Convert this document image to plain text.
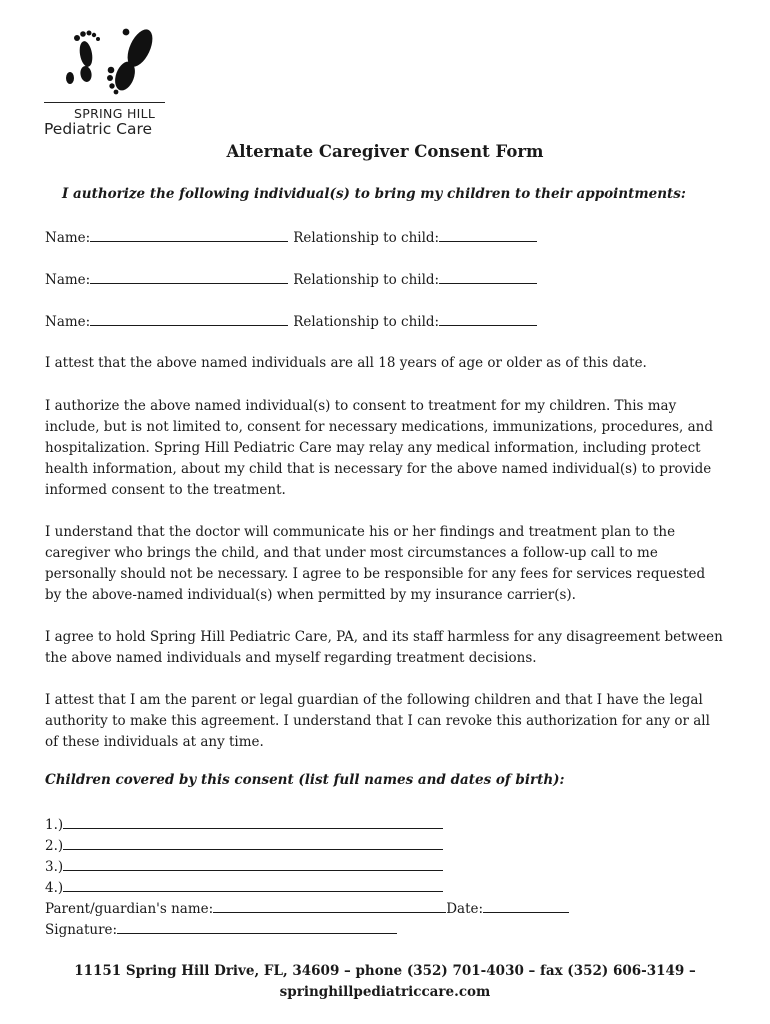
SPRING HILL
Pediatric Care
Alternate Caregiver Consent Form
I authorize the following individual(s) to bring my children to their appointments:
Name:	Relationship to child:
Name:	Relationship to child:
Name:	Relationship to child:

I attest that the above named individuals are all 18 years of age or older as of this date.

I authorize the above named individual(s) to consent to treatment for my children. This may include, but is not limited to, consent for necessary medications, immunizations, procedures, and hospitalization. Spring Hill Pediatric Care may relay any medical information, including protect health information, about my child that is necessary for the above named individual(s) to provide informed consent to the treatment.

I understand that the doctor will communicate his or her findings and treatment plan to the caregiver who brings the child, and that under most circumstances a follow-up call to me personally should not be necessary. I agree to be responsible for any fees for services requested by the above-named individual(s) when permitted by my insurance carrier(s).

I agree to hold Spring Hill Pediatric Care, PA, and its staff harmless for any disagreement between the above named individuals and myself regarding treatment decisions.

I attest that I am the parent or legal guardian of the following children and that I have the legal authority to make this agreement. I understand that I can revoke this authorization for any or all of these individuals at any time.

Children covered by this consent (list full names and dates of birth):
1.)
2.)
3.)
4.)
Parent/guardian's name:	Date:
Signature:
11151 Spring Hill Drive, FL, 34609 – phone (352) 701-4030 – fax (352) 606-3149 –
springhillpediatriccare.com
